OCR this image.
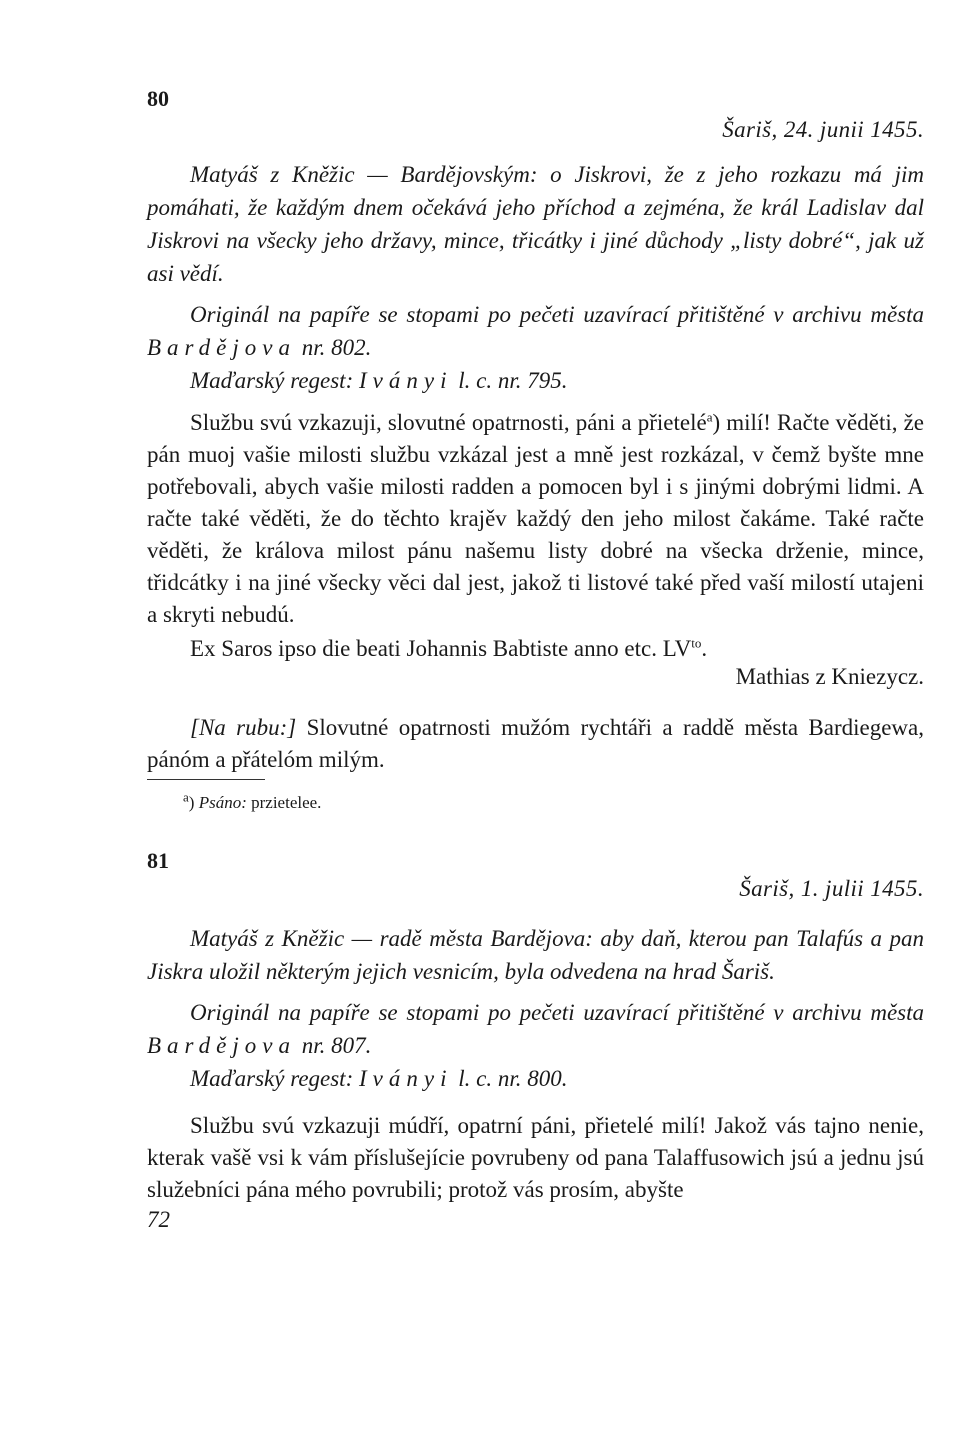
80
Šariš, 24. junii 1455.

Matyáš z Kněžic — Bardějovským: o Jiskrovi, že z jeho rozkazu má jim pomáhati, že každým dnem očekává jeho příchod a zejména, že král Ladislav dal Jiskrovi na všecky jeho državy, mince, třicátky i jiné důchody „listy dobré“, jak už asi vědí.

Originál na papíře se stopami po pečeti uzavírací přitištěné v archivu města Bardějova nr. 802.

Maďarský regest: Iványi l. c. nr. 795.

Službu svú vzkazuji, slovutné opatrnosti, páni a přietelé$^a$) milí! Račte věděti, že pán muoj vašie milosti službu vzkázal jest a mně jest rozkázal, v čemž byšte mne potřebovali, abych vašie milosti radden a pomocen byl i s jinými dobrými lidmi. A račte také věděti, že do těchto krajěv každý den jeho milost čakáme. Také račte věděti, že králova milost pánu našemu listy dobré na všecka drženie, mince, třidcátky i na jiné všecky věci dal jest, jakož ti listové také před vaší milostí utajeni a skryti nebudú.

Ex Saros ipso die beati Johannis Babtiste anno etc. $LV^{to}$.

Mathias z Kniezycz.

[Na rubu:] Slovutné opatrnosti mužóm rychtáři a raddě města Bardiegewa, pánóm a přátelóm milým.

$^a$) Psáno: przietelee.
81
Šariš, 1. julii 1455.

Matyáš z Kněžic — radě města Bardějova: aby daň, kterou pan Talafús a pan Jiskra uložil některým jejich vesnicím, byla odvedena na hrad Šariš.

Originál na papíře se stopami po pečeti uzavírací přitištěné v archivu města Bardějova nr. 807.

Maďarský regest: Iványi l. c. nr. 800.

Službu svú vzkazuji múdří, opatrní páni, přietelé milí! Jakož vás tajno nenie, kterak vašě vsi k vám příslušejície povrubeny od pana Talaffusowich jsú a jednu jsú služebníci pána mého povrubili; protož vás prosím, abyšte

72
